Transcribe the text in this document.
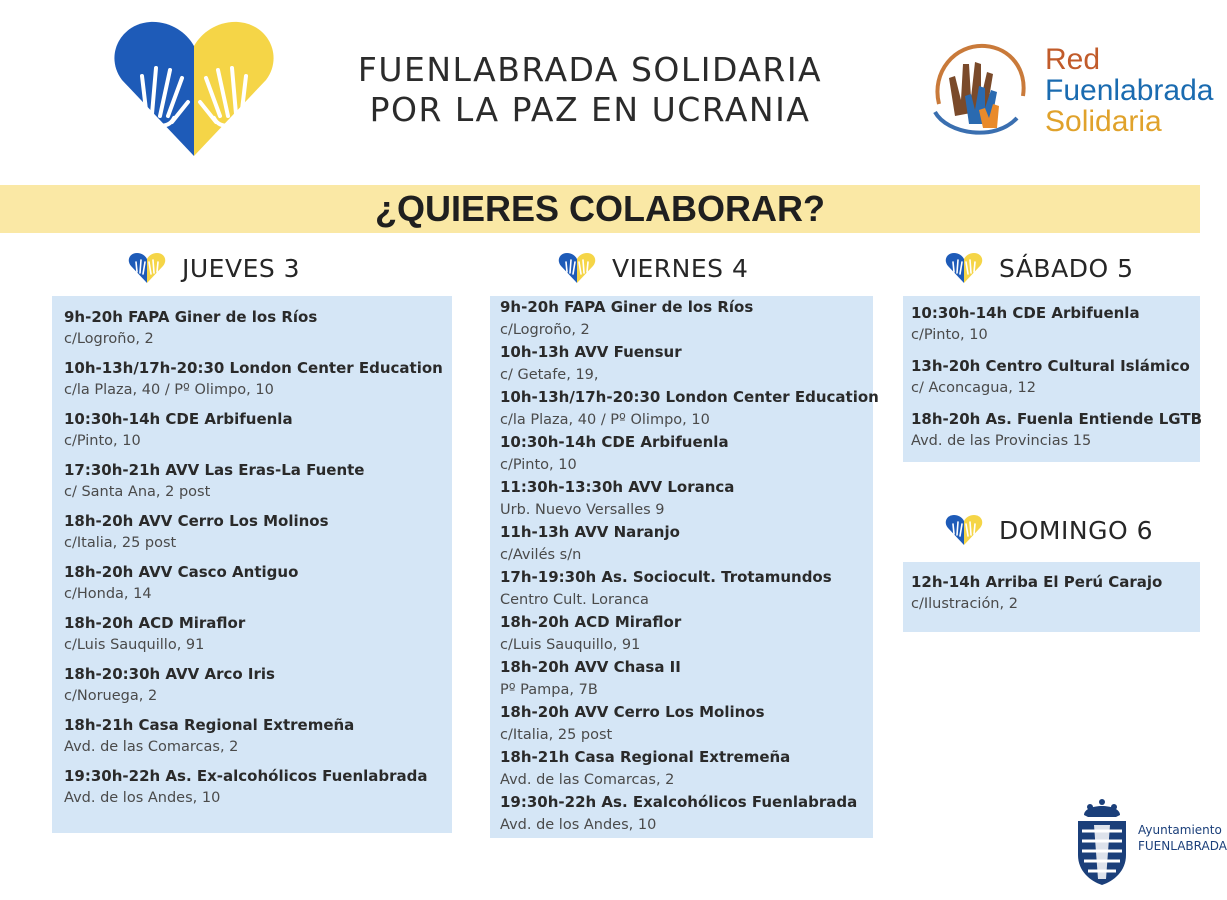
FUENLABRADA SOLIDARIA
POR LA PAZ EN UCRANIA
Red
Fuenlabrada
Solidaria
¿QUIERES COLABORAR?
JUEVES 3	VIERNES 4	SÁBADO 5
DOMINGO 6
9h-20h FAPA Giner de los Ríos
c/Logroño, 2
10h-13h/17h-20:30 London Center Education
c/la Plaza, 40 / Pº Olimpo, 10
10:30h-14h CDE Arbifuenla
c/Pinto, 10
17:30h-21h AVV Las Eras-La Fuente
c/ Santa Ana, 2 post
18h-20h AVV Cerro Los Molinos
c/Italia, 25 post
18h-20h AVV Casco Antiguo
c/Honda, 14
18h-20h ACD Miraflor
c/Luis Sauquillo, 91
18h-20:30h AVV Arco Iris
c/Noruega, 2
18h-21h Casa Regional Extremeña
Avd. de las Comarcas, 2
19:30h-22h As. Ex-alcohólicos Fuenlabrada
Avd. de los Andes, 10
9h-20h FAPA Giner de los Ríos
c/Logroño, 2
10h-13h AVV Fuensur
c/ Getafe, 19,
10h-13h/17h-20:30 London Center Education
c/la Plaza, 40 / Pº Olimpo, 10
10:30h-14h CDE Arbifuenla
c/Pinto, 10
11:30h-13:30h AVV Loranca
Urb. Nuevo Versalles 9
11h-13h AVV Naranjo
c/Avilés s/n
17h-19:30h As. Sociocult. Trotamundos
Centro Cult. Loranca
18h-20h ACD Miraflor
c/Luis Sauquillo, 91
18h-20h AVV Chasa II
Pº Pampa, 7B
18h-20h AVV Cerro Los Molinos
c/Italia, 25 post
18h-21h Casa Regional Extremeña
Avd. de las Comarcas, 2
19:30h-22h As. Exalcohólicos Fuenlabrada
Avd. de los Andes, 10
10:30h-14h CDE Arbifuenla
c/Pinto, 10
13h-20h Centro Cultural Islámico
c/ Aconcagua, 12
18h-20h As. Fuenla Entiende LGTB
Avd. de las Provincias 15
12h-14h Arriba El Perú Carajo
c/Ilustración, 2
Ayuntamiento
FUENLABRADA
